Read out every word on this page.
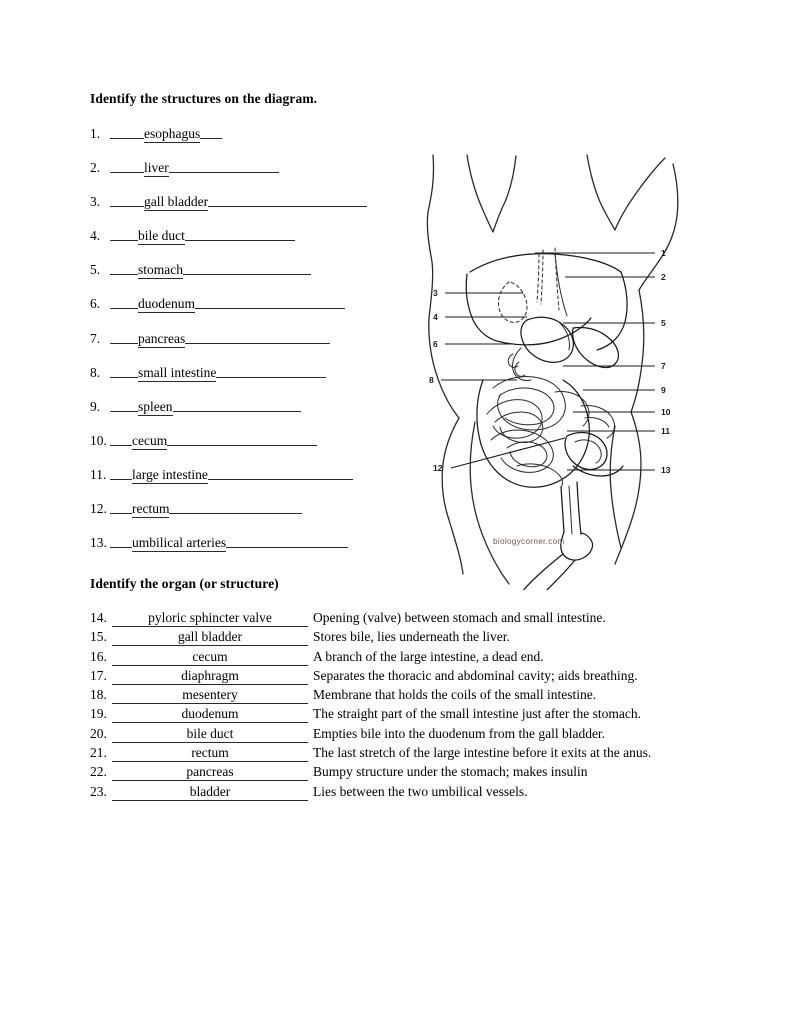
Identify the structures on the diagram.
1.	esophagus
2.	liver
3.	gall bladder
4.	bile duct
5.	stomach
6.	duodenum
7.	pancreas
8.	small intestine
9.	spleen
10. cecum
11. large intestine
12. rectum
13. umbilical arteries
Identify the organ (or structure)
14.	pyloric sphincter valve	Opening (valve) between stomach and small intestine.
15.	gall bladder	Stores bile, lies underneath the liver.
16.	cecum	A branch of the large intestine, a dead end.
17.	diaphragm	Separates the thoracic and abdominal cavity; aids breathing.
18.	mesentery	Membrane that holds the coils of the small intestine.
19.	duodenum	The straight part of the small intestine just after the stomach.
20.	bile duct	Empties bile into the duodenum from the gall bladder.
21.	rectum	The last stretch of the large intestine before it exits at the anus.
22.	pancreas	Bumpy structure under the stomach; makes insulin
23.	bladder	Lies between the two umbilical vessels.
1
2
5
7
9
10
11
13
3
4
6
8
12
biologycorner.com
